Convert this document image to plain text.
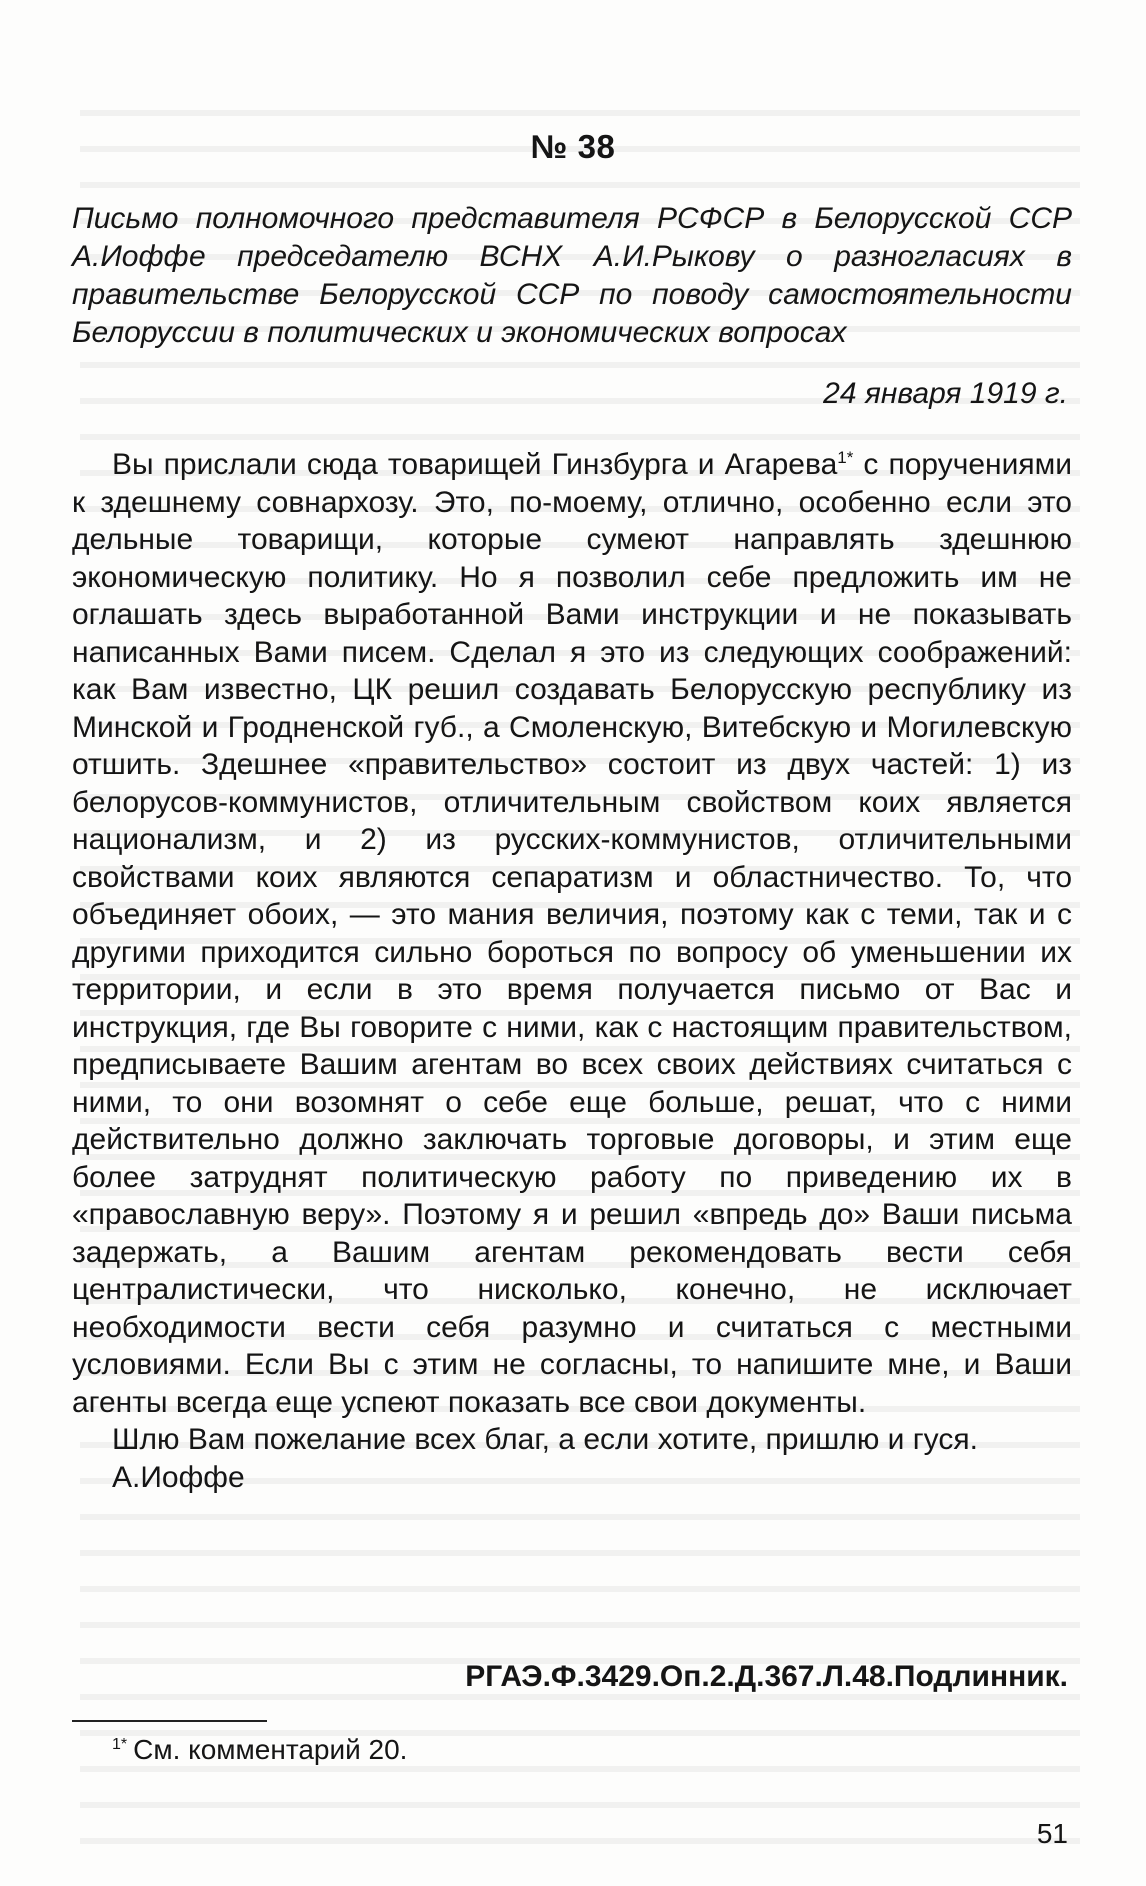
№ 38
Письмо полномочного представителя РСФСР в Белорусской ССР А.Иоффе председателю ВСНХ А.И.Рыкову о разногласиях в правительстве Белорусской ССР по поводу самостоятельности Белоруссии в политических и экономических вопросах
24 января 1919 г.

Вы прислали сюда товарищей Гинзбурга и Агарева$^{1*}$ с поручениями к здешнему совнархозу. Это, по-моему, отлично, особенно если это дельные товарищи, которые сумеют направлять здешнюю экономическую политику. Но я позволил себе предложить им не оглашать здесь выработанной Вами инструкции и не показывать написанных Вами писем. Сделал я это из следующих соображений: как Вам известно, ЦК решил создавать Белорусскую республику из Минской и Гродненской губ., а Смоленскую, Витебскую и Могилевскую отшить. Здешнее «правительство» состоит из двух частей: 1) из белорусов-коммунистов, отличительным свойством коих является национализм, и 2) из русских-коммунистов, отличительными свойствами коих являются сепаратизм и областничество. То, что объединяет обоих, — это мания величия, поэтому как с теми, так и с другими приходится сильно бороться по вопросу об уменьшении их территории, и если в это время получается письмо от Вас и инструкция, где Вы говорите с ними, как с настоящим правительством, предписываете Вашим агентам во всех своих действиях считаться с ними, то они возомнят о себе еще больше, решат, что с ними действительно должно заключать торговые договоры, и этим еще более затруднят политическую работу по приведению их в «православную веру». Поэтому я и решил «впредь до» Ваши письма задержать, а Вашим агентам рекомендовать вести себя централистически, что нисколько, конечно, не исключает необходимости вести себя разумно и считаться с местными условиями. Если Вы с этим не согласны, то напишите мне, и Ваши агенты всегда еще успеют показать все свои документы.

Шлю Вам пожелание всех благ, а если хотите, пришлю и гуся.

А.Иоффе

РГАЭ.Ф.3429.Оп.2.Д.367.Л.48.Подлинник.
$^{1*}$ См. комментарий 20.
51
